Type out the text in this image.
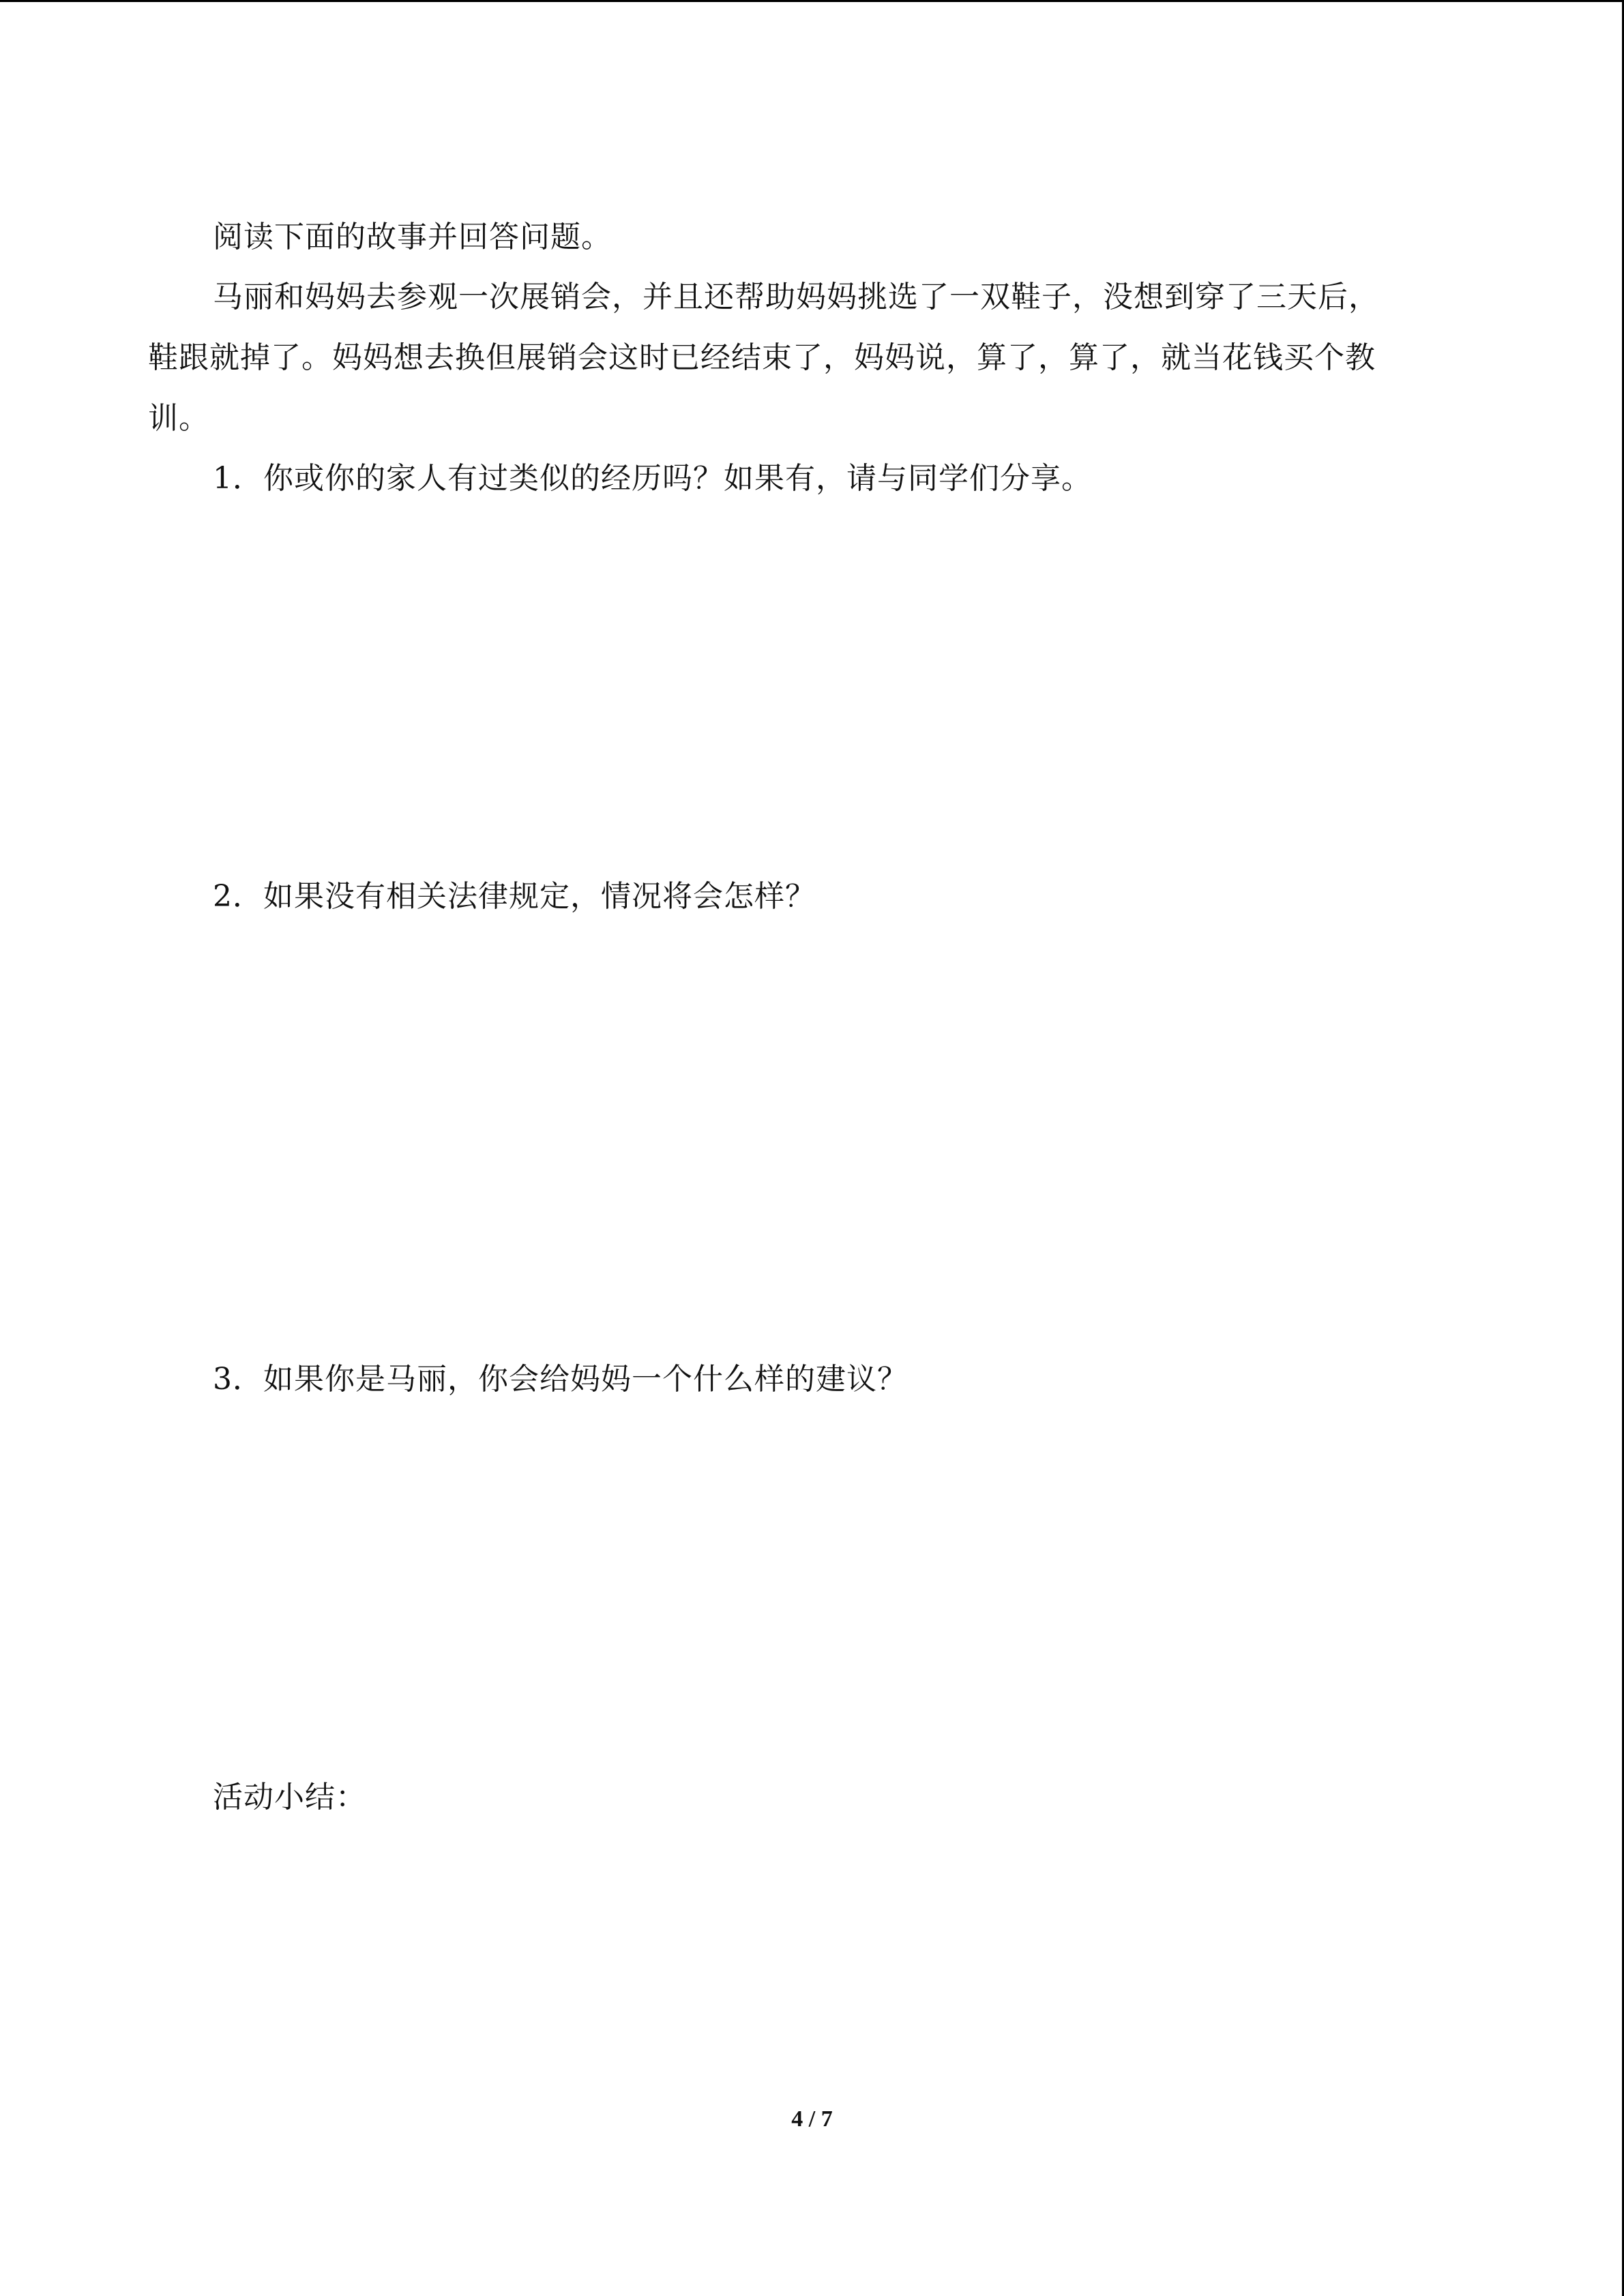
阅读下面的故事并回答问题。
马丽和妈妈去参观一次展销会，并且还帮助妈妈挑选了一双鞋子，没想到穿了三天后，
鞋跟就掉了。妈妈想去换但展销会这时已经结束了，妈妈说，算了，算了，就当花钱买个教
训。
1．你或你的家人有过类似的经历吗？如果有，请与同学们分享。
2．如果没有相关法律规定，情况将会怎样？
3．如果你是马丽，你会给妈妈一个什么样的建议？
活动小结：
4 / 7
